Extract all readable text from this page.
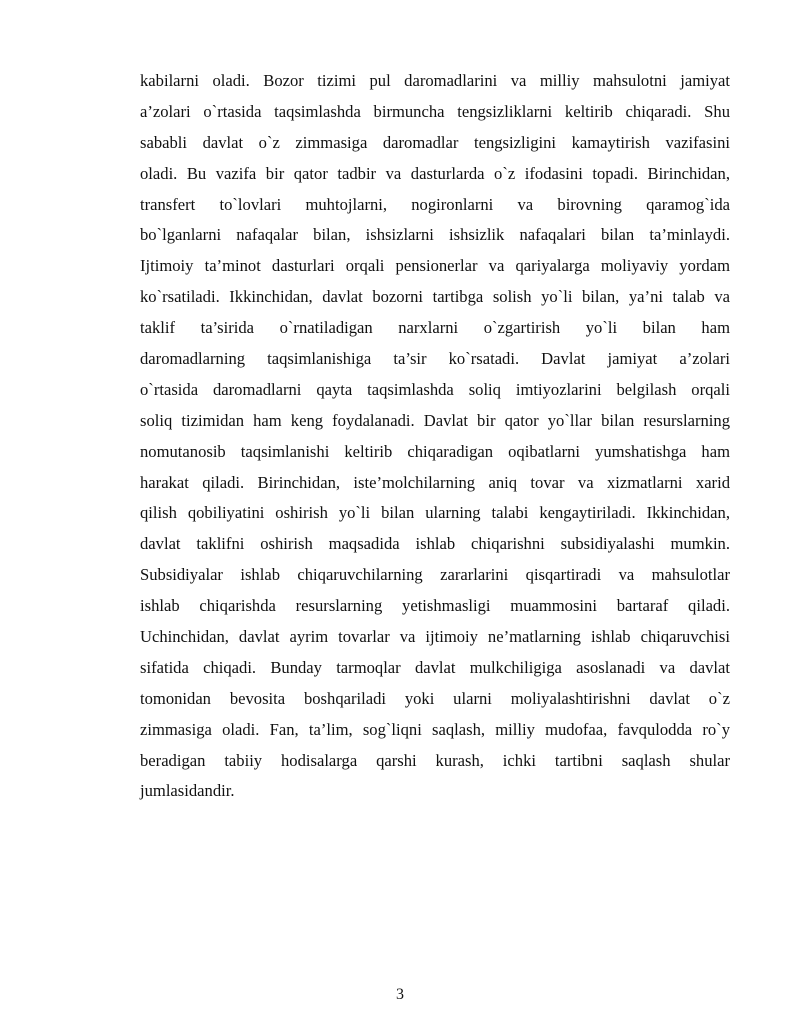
kabilarni oladi. Bozor tizimi pul daromadlarini va milliy mahsulotni jamiyat
a’zolari o`rtasida taqsimlashda birmuncha tengsizliklarni keltirib chiqaradi. Shu
sababli davlat o`z zimmasiga daromadlar tengsizligini kamaytirish vazifasini
oladi. Bu vazifa bir qator tadbir va dasturlarda o`z ifodasini topadi. Birinchidan,
transfert to`lovlari muhtojlarni, nogironlarni va birovning qaramog`ida
bo`lganlarni nafaqalar bilan, ishsizlarni ishsizlik nafaqalari bilan ta’minlaydi.
Ijtimoiy ta’minot dasturlari orqali pensionerlar va qariyalarga moliyaviy yordam
ko`rsatiladi. Ikkinchidan, davlat bozorni tartibga solish yo`li bilan, ya’ni talab va
taklif ta’sirida o`rnatiladigan narxlarni o`zgartirish yo`li bilan ham
daromadlarning taqsimlanishiga ta’sir ko`rsatadi. Davlat jamiyat a’zolari
o`rtasida daromadlarni qayta taqsimlashda soliq imtiyozlarini belgilash orqali
soliq tizimidan ham keng foydalanadi. Davlat bir qator yo`llar bilan resurslarning
nomutanosib taqsimlanishi keltirib chiqaradigan oqibatlarni yumshatishga ham
harakat qiladi. Birinchidan, iste’molchilarning aniq tovar va xizmatlarni xarid
qilish qobiliyatini oshirish yo`li bilan ularning talabi kengaytiriladi. Ikkinchidan,
davlat taklifni oshirish maqsadida ishlab chiqarishni subsidiyalashi mumkin.
Subsidiyalar ishlab chiqaruvchilarning zararlarini qisqartiradi va mahsulotlar
ishlab chiqarishda resurslarning yetishmasligi muammosini bartaraf qiladi.
Uchinchidan, davlat ayrim tovarlar va ijtimoiy ne’matlarning ishlab chiqaruvchisi
sifatida chiqadi. Bunday tarmoqlar davlat mulkchiligiga asoslanadi va davlat
tomonidan bevosita boshqariladi yoki ularni moliyalashtirishni davlat o`z
zimmasiga oladi. Fan, ta’lim, sog`liqni saqlash, milliy mudofaa, favqulodda ro`y
beradigan tabiiy hodisalarga qarshi kurash, ichki tartibni saqlash shular
jumlasidandir.
3
